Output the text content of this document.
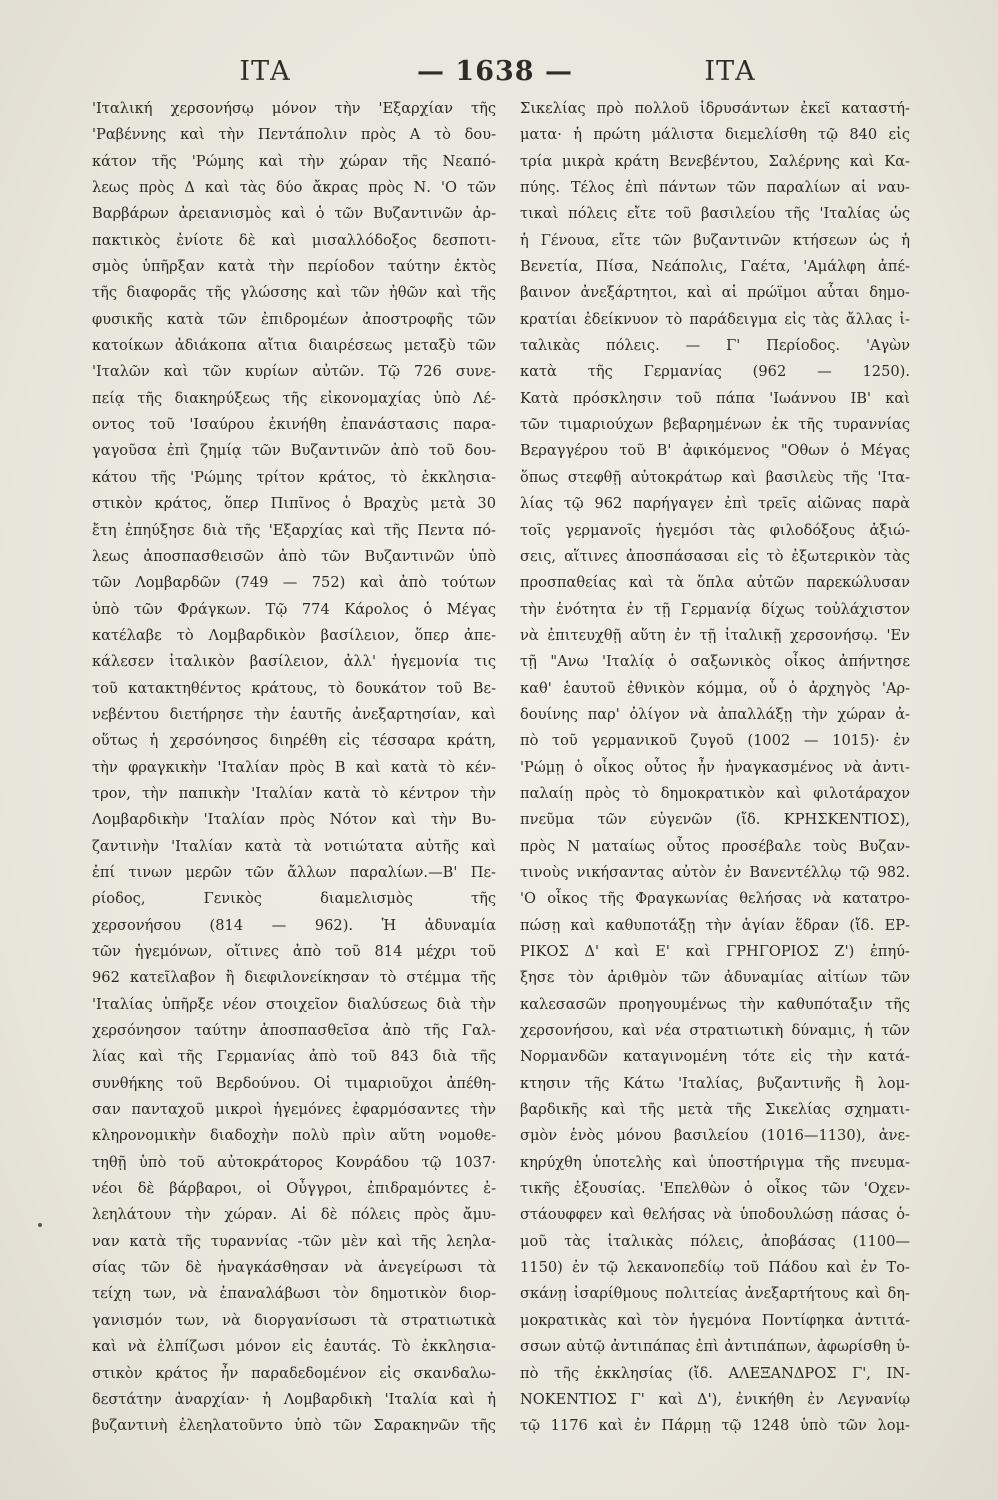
ΙΤΑ	— 1638 —	ΙΤΑ
'Ιταλική χερσονήσῳ μόνον τὴν 'Εξαρχίαν τῆς
'Ραβέννης καὶ τὴν Πεντάπολιν πρὸς Α τὸ δου-
κάτον τῆς 'Ρώμης καὶ τὴν χώραν τῆς Νεαπό-
λεως πρὸς Δ καὶ τὰς δύο ἄκρας πρὸς Ν. 'Ο τῶν
Βαρβάρων ἀρειανισμὸς καὶ ὁ τῶν Βυζαντινῶν ἀρ-
πακτικὸς ἐνίοτε δὲ καὶ μισαλλόδοξος δεσποτι-
σμὸς ὑπῆρξαν κατὰ τὴν περίοδον ταύτην ἐκτὸς
τῆς διαφορᾶς τῆς γλώσσης καὶ τῶν ἠθῶν καὶ τῆς
φυσικῆς κατὰ τῶν ἐπιδρομέων ἀποστροφῆς τῶν
κατοίκων ἀδιάκοπα αἴτια διαιρέσεως μεταξὺ τῶν
'Ιταλῶν καὶ τῶν κυρίων αὐτῶν. Τῷ 726 συνε-
πείᾳ τῆς διακηρύξεως τῆς εἰκονομαχίας ὑπὸ Λέ-
οντος τοῦ 'Ισαύρου ἐκινήθη ἐπανάστασις παρα-
γαγοῦσα ἐπὶ ζημίᾳ τῶν Βυζαντινῶν ἀπὸ τοῦ δου-
κάτου τῆς 'Ρώμης τρίτον κράτος, τὸ ἐκκλησια-
στικὸν κράτος, ὅπερ Πιπῖνος ὁ Βραχὺς μετὰ 30
ἔτη ἐπηύξησε διὰ τῆς 'Εξαρχίας καὶ τῆς Πεντα πό-
λεως ἀποσπασθεισῶν ἀπὸ τῶν Βυζαντινῶν ὑπὸ
τῶν Λομβαρδῶν (749 — 752) καὶ ἀπὸ τούτων
ὑπὸ τῶν Φράγκων. Τῷ 774 Κάρολος ὁ Μέγας
κατέλαβε τὸ Λομβαρδικὸν βασίλειον, ὅπερ ἀπε-
κάλεσεν ἰταλικὸν βασίλειον, ἀλλ' ἡγεμονία τις
τοῦ κατακτηθέντος κράτους, τὸ δουκάτον τοῦ Βε-
νεβέντου διετήρησε τὴν ἑαυτῆς ἀνεξαρτησίαν, καὶ
οὕτως ἡ χερσόνησος διηρέθη εἰς τέσσαρα κράτη,
τὴν φραγκικὴν 'Ιταλίαν πρὸς Β καὶ κατὰ τὸ κέν-
τρον, τὴν παπικὴν 'Ιταλίαν κατὰ τὸ κέντρον τὴν
Λομβαρδικὴν 'Ιταλίαν πρὸς Νότον καὶ τὴν Βυ-
ζαντινὴν 'Ιταλίαν κατὰ τὰ νοτιώτατα αὐτῆς καὶ
ἐπί τινων μερῶν τῶν ἄλλων παραλίων.—Β' Πε-
ρίοδος, Γενικὸς διαμελισμὸς τῆς
χερσονήσου (814 — 962). Ἡ ἀδυναμία
τῶν ἡγεμόνων, οἵτινες ἀπὸ τοῦ 814 μέχρι τοῦ
962 κατεῖλαβον ἢ διεφιλονείκησαν τὸ στέμμα τῆς
'Ιταλίας ὑπῆρξε νέον στοιχεῖον διαλύσεως διὰ τὴν
χερσόνησον ταύτην ἀποσπασθεῖσα ἀπὸ τῆς Γαλ-
λίας καὶ τῆς Γερμανίας ἀπὸ τοῦ 843 διὰ τῆς
συνθήκης τοῦ Βερδούνου. Οἱ τιμαριοῦχοι ἀπέθη-
σαν πανταχοῦ μικροὶ ἡγεμόνες ἐφαρμόσαντες τὴν
κληρονομικὴν διαδοχὴν πολὺ πρὶν αὕτη νομοθε-
τηθῇ ὑπὸ τοῦ αὐτοκράτορος Κονράδου τῷ 1037·
νέοι δὲ βάρβαροι, οἱ Οὖγγροι, ἐπιδραμόντες ἐ-
λεηλάτουν τὴν χώραν. Αἱ δὲ πόλεις πρὸς ἄμυ-
ναν κατὰ τῆς τυραννίας -τῶν μὲν καὶ τῆς λεηλα-
σίας τῶν δὲ ἠναγκάσθησαν νὰ ἀνεγείρωσι τὰ
τείχη των, νὰ ἐπαναλάβωσι τὸν δημοτικὸν διορ-
γανισμόν των, νὰ διοργανίσωσι τὰ στρατιωτικὰ
καὶ νὰ ἐλπίζωσι μόνον εἰς ἑαυτάς. Τὸ ἐκκλησια-
στικὸν κράτος ἦν παραδεδομένον εἰς σκανδαλω-
δεστάτην ἀναρχίαν· ἡ Λομβαρδικὴ 'Ιταλία καὶ ἡ
βυζαντινὴ ἐλεηλατοῦντο ὑπὸ τῶν Σαρακηνῶν τῆς
Σικελίας πρὸ πολλοῦ ἱδρυσάντων ἐκεῖ καταστή-
ματα· ἡ πρώτη μάλιστα διεμελίσθη τῷ 840 εἰς
τρία μικρὰ κράτη Βενεβέντου, Σαλέρνης καὶ Κα-
πύης. Τέλος ἐπὶ πάντων τῶν παραλίων αἱ ναυ-
τικαὶ πόλεις εἴτε τοῦ βασιλείου τῆς 'Ιταλίας ὡς
ἡ Γένουα, εἴτε τῶν βυζαντινῶν κτήσεων ὡς ἡ
Βενετία, Πίσα, Νεάπολις, Γαέτα, 'Αμάλφη ἀπέ-
βαινον ἀνεξάρτητοι, καὶ αἱ πρώϊμοι αὗται δημο-
κρατίαι ἐδείκνυον τὸ παράδειγμα εἰς τὰς ἄλλας ἰ-
ταλικὰς πόλεις. — Γ' Περίοδος. 'Αγὼν
κατὰ τῆς Γερμανίας (962 — 1250).
Κατὰ πρόσκλησιν τοῦ πάπα 'Ιωάννου ΙΒ' καὶ
τῶν τιμαριούχων βεβαρημένων ἐκ τῆς τυραννίας
Βεραγγέρου τοῦ Β' ἀφικόμενος "Οθων ὁ Μέγας
ὅπως στεφθῇ αὐτοκράτωρ καὶ βασιλεὺς τῆς 'Ιτα-
λίας τῷ 962 παρήγαγεν ἐπὶ τρεῖς αἰῶνας παρὰ
τοῖς γερμανοῖς ἡγεμόσι τὰς φιλοδόξους ἀξιώ-
σεις, αἵτινες ἀποσπάσασαι εἰς τὸ ἐξωτερικὸν τὰς
προσπαθείας καὶ τὰ ὅπλα αὐτῶν παρεκώλυσαν
τὴν ἑνότητα ἐν τῇ Γερμανίᾳ δίχως τοὐλάχιστον
νὰ ἐπιτευχθῇ αὕτη ἐν τῇ ἰταλικῇ χερσονήσῳ. 'Εν
τῇ "Ανω 'Ιταλίᾳ ὁ σαξωνικὸς οἶκος ἀπήντησε
καθ' ἑαυτοῦ ἐθνικὸν κόμμα, οὗ ὁ ἀρχηγὸς 'Αρ-
δουίνης παρ' ὀλίγον νὰ ἀπαλλάξῃ τὴν χώραν ἀ-
πὸ τοῦ γερμανικοῦ ζυγοῦ (1002 — 1015)· ἐν
'Ρώμῃ ὁ οἶκος οὗτος ἦν ἠναγκασμένος νὰ ἀντι-
παλαίῃ πρὸς τὸ δημοκρατικὸν καὶ φιλοτάραχον
πνεῦμα τῶν εὐγενῶν (ἴδ. ΚΡΗΣΚΕΝΤΙΟΣ),
πρὸς Ν ματαίως οὗτος προσέβαλε τοὺς Βυζαν-
τινοὺς νικήσαντας αὐτὸν ἐν Βανεντέλλῳ τῷ 982.
'Ο οἶκος τῆς Φραγκωνίας θελήσας νὰ κατατρο-
πώσῃ καὶ καθυποτάξῃ τὴν ἁγίαν ἕδραν (ἴδ. ΕΡ-
ΡΙΚΟΣ Δ' καὶ Ε' καὶ ΓΡΗΓΟΡΙΟΣ Ζ') ἐπηύ-
ξησε τὸν ἀριθμὸν τῶν ἀδυναμίας αἰτίων τῶν
καλεσασῶν προηγουμένως τὴν καθυπόταξιν τῆς
χερσονήσου, καὶ νέα στρατιωτικὴ δύναμις, ἡ τῶν
Νορμανδῶν καταγινομένη τότε εἰς τὴν κατά-
κτησιν τῆς Κάτω 'Ιταλίας, βυζαντινῆς ἢ λομ-
βαρδικῆς καὶ τῆς μετὰ τῆς Σικελίας σχηματι-
σμὸν ἑνὸς μόνου βασιλείου (1016—1130), ἀνε-
κηρύχθη ὑποτελὴς καὶ ὑποστήριγμα τῆς πνευμα-
τικῆς ἐξουσίας. 'Επελθὼν ὁ οἶκος τῶν 'Οχεν-
στάουφφεν καὶ θελήσας νὰ ὑποδουλώσῃ πάσας ὁ-
μοῦ τὰς ἰταλικὰς πόλεις, ἀποβάσας (1100—
1150) ἐν τῷ λεκανοπεδίῳ τοῦ Πάδου καὶ ἐν Το-
σκάνῃ ἰσαρίθμους πολιτείας ἀνεξαρτήτους καὶ δη-
μοκρατικὰς καὶ τὸν ἡγεμόνα Ποντίφηκα ἀντιτά-
σσων αὐτῷ ἀντιπάπας ἐπὶ ἀντιπάπων, ἀφωρίσθη ὑ-
πὸ τῆς ἐκκλησίας (ἴδ. ΑΛΕΞΑΝΔΡΟΣ Γ', ΙΝ-
ΝΟΚΕΝΤΙΟΣ Γ' καὶ Δ'), ἐνικήθη ἐν Λεγνανίῳ
τῷ 1176 καὶ ἐν Πάρμῃ τῷ 1248 ὑπὸ τῶν λομ-
